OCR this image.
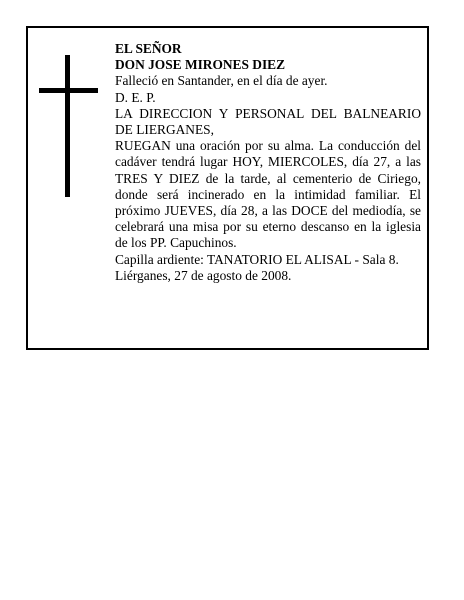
EL SEÑOR
DON JOSE MIRONES DIEZ
Falleció en Santander, en el día de ayer.
D. E. P.
LA DIRECCION Y PERSONAL DEL BALNEARIO DE LIERGANES,
RUEGAN una oración por su alma. La conducción del cadáver tendrá lugar HOY, MIERCOLES, día 27, a las TRES Y DIEZ de la tarde, al cementerio de Ciriego, donde será incinerado en la intimidad familiar. El próximo JUEVES, día 28, a las DOCE del mediodía, se celebrará una misa por su eterno descanso en la iglesia de los PP. Capuchinos.
Capilla ardiente: TANATORIO EL ALISAL - Sala 8.
Liérganes, 27 de agosto de 2008.
